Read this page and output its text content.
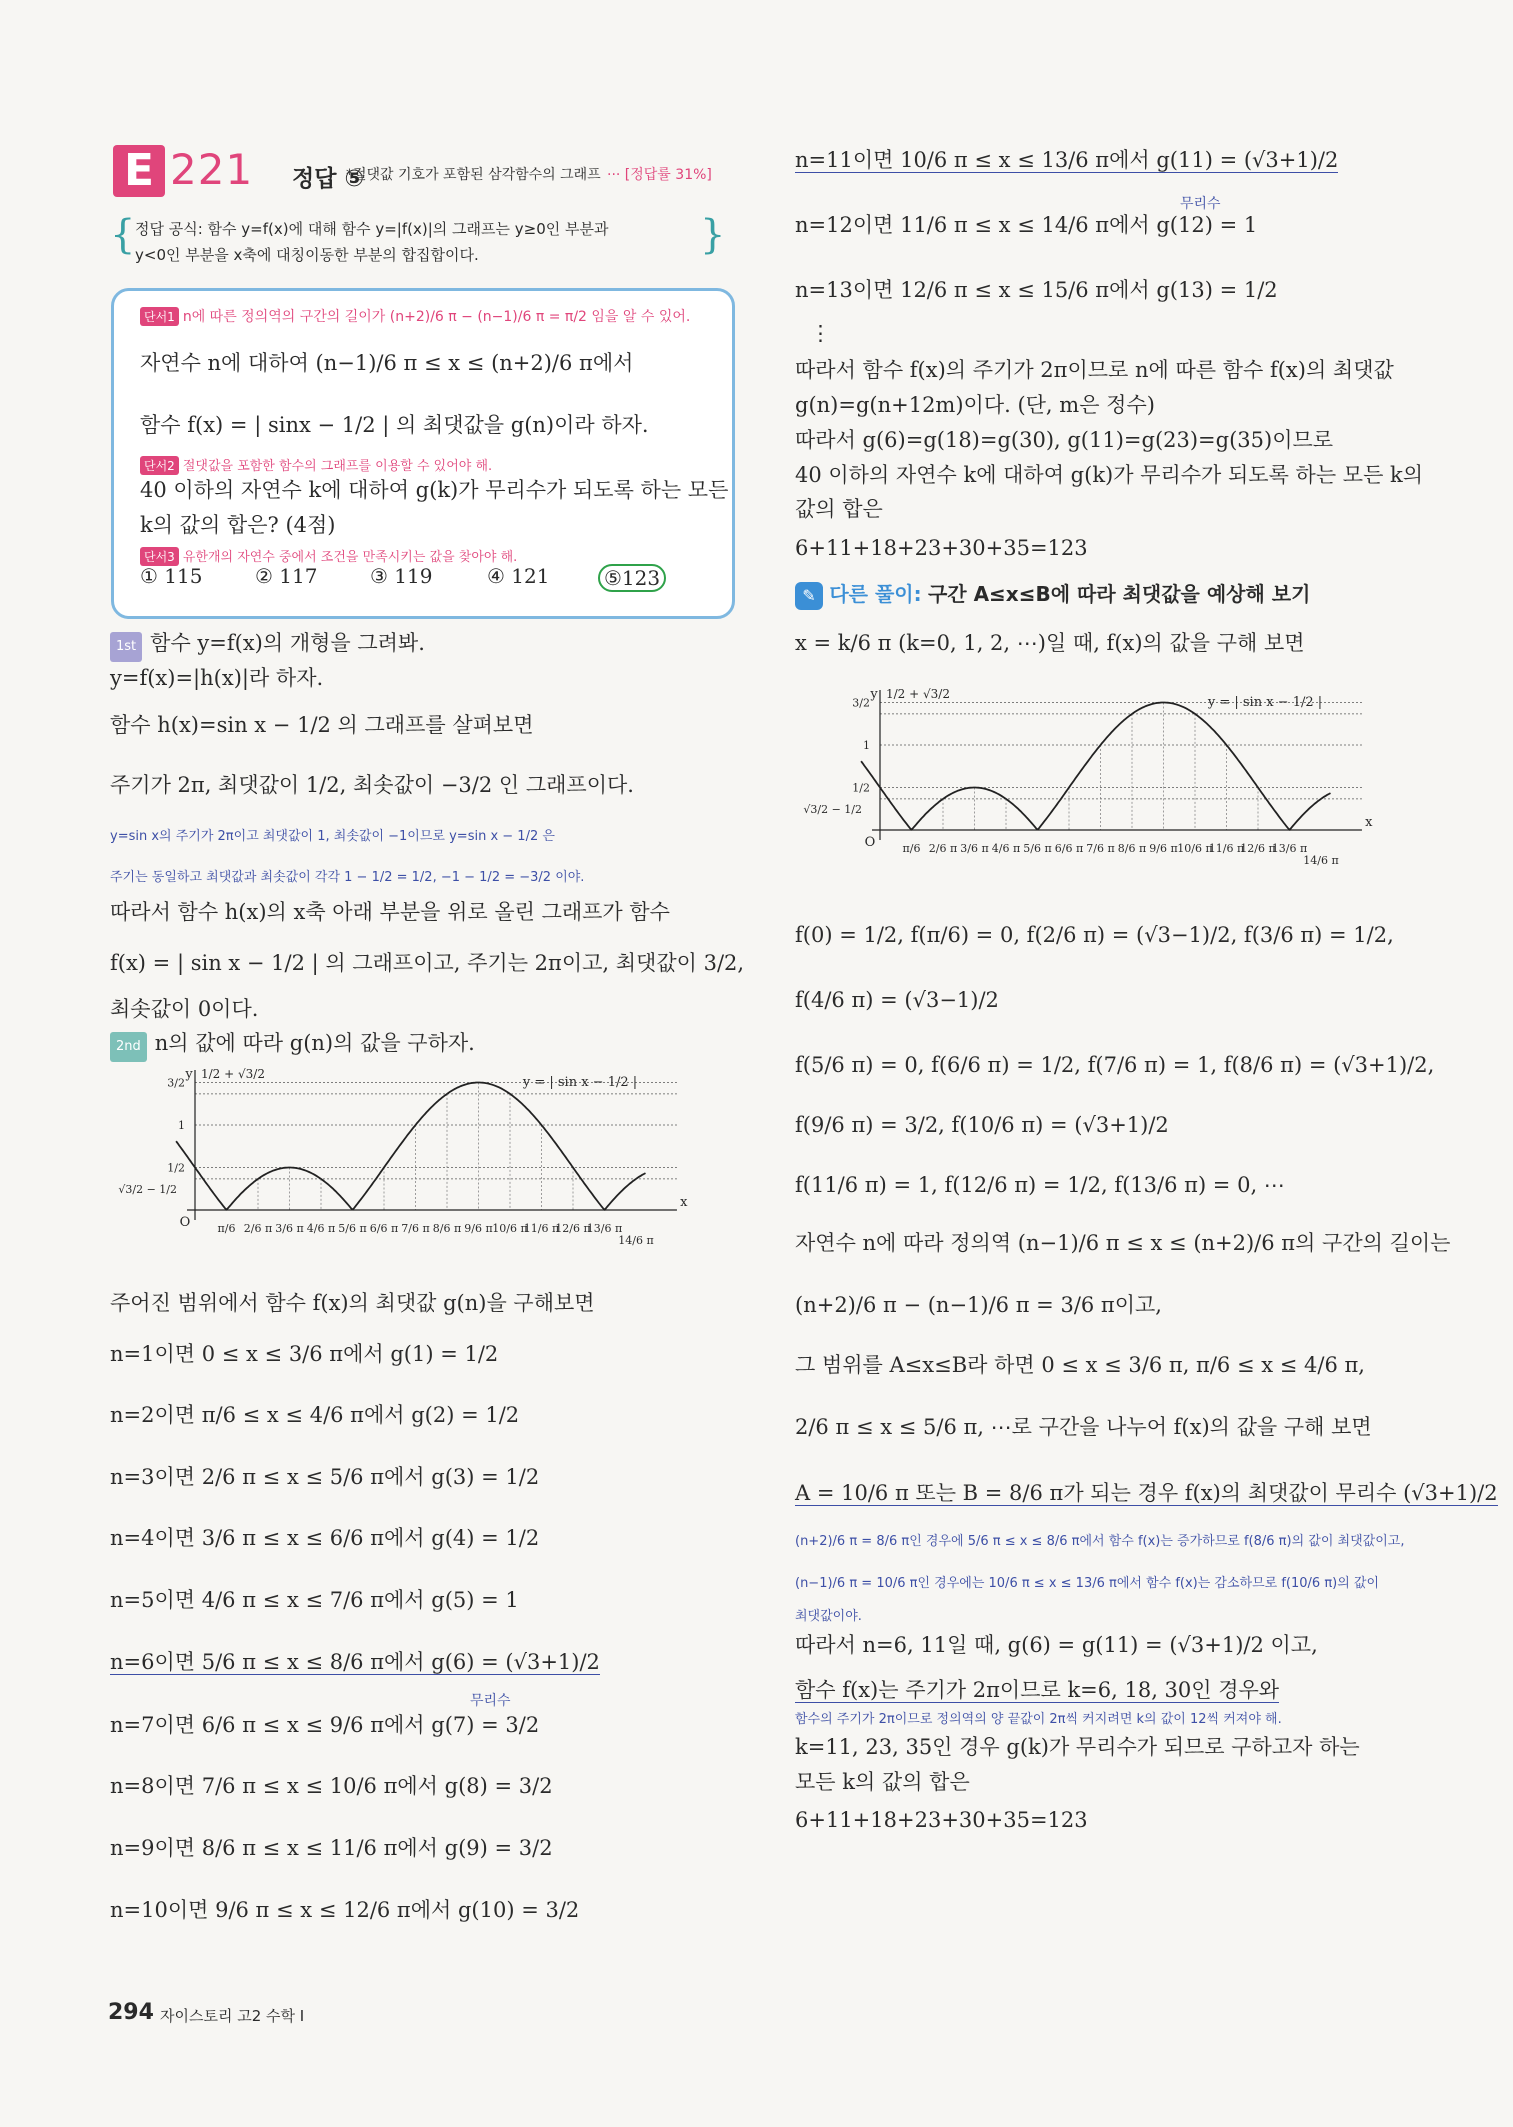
E 221 정답 ⑤
*절댓값 기호가 포함된 삼각함수의 그래프 ··· [정답률 31%]
{ 정답 공식: 함수 y=f(x)에 대해 함수 y=|f(x)|의 그래프는 y≥0인 부분과
y<0인 부분을 x축에 대칭이동한 부분의 합집합이다.	}
단서1 n에 따른 정의역의 구간의 길이가 (n+2)/6 π − (n−1)/6 π = π/2 임을 알 수 있어.
자연수 n에 대하여 (n−1)/6 π ≤ x ≤ (n+2)/6 π에서
함수 f(x) = | sinx − 1/2 | 의 최댓값을 g(n)이라 하자.
단서2 절댓값을 포함한 함수의 그래프를 이용할 수 있어야 해.
40 이하의 자연수 k에 대하여 g(k)가 무리수가 되도록 하는 모든
k의 값의 합은? (4점)
단서3 유한개의 자연수 중에서 조건을 만족시키는 값을 찾아야 해.
① 115	② 117	③ 119	④ 121	⑤123
1st 함수 y=f(x)의 개형을 그려봐.
y=f(x)=|h(x)|라 하자.
함수 h(x)=sin x − 1/2 의 그래프를 살펴보면
주기가 2π, 최댓값이 1/2, 최솟값이 −3/2 인 그래프이다.
y=sin x의 주기가 2π이고 최댓값이 1, 최솟값이 −1이므로 y=sin x − 1/2 은
주기는 동일하고 최댓값과 최솟값이 각각 1 − 1/2 = 1/2, −1 − 1/2 = −3/2 이야.
따라서 함수 h(x)의 x축 아래 부분을 위로 올린 그래프가 함수
f(x) = | sin x − 1/2 | 의 그래프이고, 주기는 2π이고, 최댓값이 3/2,
최솟값이 0이다.
2nd n의 값에 따라 g(n)의 값을 구하자.
x
y
O π/6 2/6 π 3/6 π 4/6 π 5/6 π 6/6 π 7/6 π 8/6 π 9/6 π 10/6 π
11/6 π
12/6 π
13/6 π
14/6 π
3/2
1
1/2
√3/2 − 1/2
1/2 + √3/2
y = | sin x − 1/2 |
주어진 범위에서 함수 f(x)의 최댓값 g(n)을 구해보면
n=1이면 0 ≤ x ≤ 3/6 π에서 g(1) = 1/2
n=2이면 π/6 ≤ x ≤ 4/6 π에서 g(2) = 1/2
n=3이면 2/6 π ≤ x ≤ 5/6 π에서 g(3) = 1/2
n=4이면 3/6 π ≤ x ≤ 6/6 π에서 g(4) = 1/2
n=5이면 4/6 π ≤ x ≤ 7/6 π에서 g(5) = 1
n=6이면 5/6 π ≤ x ≤ 8/6 π에서 g(6) = (√3+1)/2
무리수
n=7이면 6/6 π ≤ x ≤ 9/6 π에서 g(7) = 3/2
n=8이면 7/6 π ≤ x ≤ 10/6 π에서 g(8) = 3/2
n=9이면 8/6 π ≤ x ≤ 11/6 π에서 g(9) = 3/2
n=10이면 9/6 π ≤ x ≤ 12/6 π에서 g(10) = 3/2
n=11이면 10/6 π ≤ x ≤ 13/6 π에서 g(11) = (√3+1)/2
무리수
n=12이면 11/6 π ≤ x ≤ 14/6 π에서 g(12) = 1
n=13이면 12/6 π ≤ x ≤ 15/6 π에서 g(13) = 1/2
⋮
따라서 함수 f(x)의 주기가 2π이므로 n에 따른 함수 f(x)의 최댓값
g(n)=g(n+12m)이다. (단, m은 정수)
따라서 g(6)=g(18)=g(30), g(11)=g(23)=g(35)이므로
40 이하의 자연수 k에 대하여 g(k)가 무리수가 되도록 하는 모든 k의
값의 합은
6+11+18+23+30+35=123
✎ 다른 풀이: 구간 A≤x≤B에 따라 최댓값을 예상해 보기
x = k/6 π (k=0, 1, 2, ⋯)일 때, f(x)의 값을 구해 보면
x
y
O π/6 2/6 π 3/6 π 4/6 π 5/6 π 6/6 π 7/6 π 8/6 π 9/6 π 10/6 π
11/6 π
12/6 π
13/6 π
14/6 π
3/2
1
1/2
√3/2 − 1/2
1/2 + √3/2
y = | sin x − 1/2 |
f(0) = 1/2, f(π/6) = 0, f(2/6 π) = (√3−1)/2, f(3/6 π) = 1/2,
f(4/6 π) = (√3−1)/2
f(5/6 π) = 0, f(6/6 π) = 1/2, f(7/6 π) = 1, f(8/6 π) = (√3+1)/2,
f(9/6 π) = 3/2, f(10/6 π) = (√3+1)/2
f(11/6 π) = 1, f(12/6 π) = 1/2, f(13/6 π) = 0, ⋯
자연수 n에 따라 정의역 (n−1)/6 π ≤ x ≤ (n+2)/6 π의 구간의 길이는
(n+2)/6 π − (n−1)/6 π = 3/6 π이고,
그 범위를 A≤x≤B라 하면 0 ≤ x ≤ 3/6 π, π/6 ≤ x ≤ 4/6 π,
2/6 π ≤ x ≤ 5/6 π, ⋯로 구간을 나누어 f(x)의 값을 구해 보면
A = 10/6 π 또는 B = 8/6 π가 되는 경우 f(x)의 최댓값이 무리수 (√3+1)/2
(n+2)/6 π = 8/6 π인 경우에 5/6 π ≤ x ≤ 8/6 π에서 함수 f(x)는 증가하므로 f(8/6 π)의 값이 최댓값이고,
(n−1)/6 π = 10/6 π인 경우에는 10/6 π ≤ x ≤ 13/6 π에서 함수 f(x)는 감소하므로 f(10/6 π)의 값이
최댓값이야.
따라서 n=6, 11일 때, g(6) = g(11) = (√3+1)/2 이고,
함수 f(x)는 주기가 2π이므로 k=6, 18, 30인 경우와
함수의 주기가 2π이므로 정의역의 양 끝값이 2π씩 커지려면 k의 값이 12씩 커져야 해.
k=11, 23, 35인 경우 g(k)가 무리수가 되므로 구하고자 하는
모든 k의 값의 합은
6+11+18+23+30+35=123
294 자이스토리 고2 수학 I
